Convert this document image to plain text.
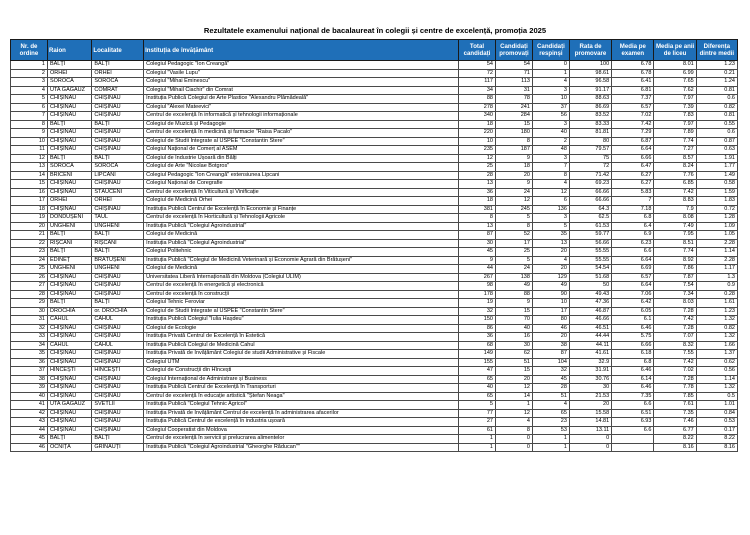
Rezultatele examenului național de bacalaureat în colegii și centre de excelență, promoția 2025
Nr. de ordine	Raion	Localitate	Instituția de învățământ	Total candidați	Candidați promovați	Candidați respinși	Rata de promovare	Media pe examen	Media pe anii de liceu	Diferența dintre medii
1	BĂLȚI	BĂLȚI	Colegiul Pedagogic "Ion Creangă"	54	54	0	100	6.78	8.01	1.23
2	ORHEI	ORHEI	Colegiul "Vasile Lupu"	72	71	1	98.61	6.78	6.99	0.21
3	SOROCA	SOROCA	Colegiul "Mihai Eminescu"	117	113	4	96.58	6.41	7.65	1.24
4	UTA GĂGĂUZ	COMRAT	Colegiul "Mihail Ciachir" din Comrat	34	31	3	91.17	6.81	7.62	0.81
5	CHIȘINĂU	CHIȘINĂU	Instituția Publică Colegiul de Arte Plastice "Alexandru Plămădeală"	88	78	10	88.63	7.37	7.97	0.6
6	CHIȘINĂU	CHIȘINĂU	Colegiul "Alexei Mateevici"	278	241	37	86.69	6.57	7.39	0.82
7	CHIȘINĂU	CHIȘINĂU	Centrul de excelență în informatică și tehnologii informaționale	340	284	56	83.52	7.02	7.83	0.81
8	BĂLȚI	BĂLȚI	Colegiul de Muzică și Pedagogie	18	15	3	83.33	7.42	7.97	0.55
9	CHIȘINĂU	CHIȘINĂU	Centrul de excelență în medicină și farmacie "Raisa Pacalo"	220	180	40	81.81	7.29	7.89	0.6
10	CHIȘINĂU	CHIȘINĂU	Colegiul de Studii Integrate al USPEE "Constantin Stere"	10	8	2	80	6.87	7.74	0.87
11	CHIȘINĂU	CHIȘINĂU	Colegiul Național de Comerț al ASEM	235	187	48	79.57	6.64	7.27	0.63
12	BĂLȚI	BĂLȚI	Colegiul de Industrie Ușoară din Bălți	12	9	3	75	6.66	8.57	1.91
13	SOROCA	SOROCA	Colegiul de Arte "Nicolae Botgros"	25	18	7	72	6.47	8.24	1.77
14	BRICENI	LIPCANI	Colegiul Pedagogic "Ion Creangă" extensiunea Lipcani	28	20	8	71.42	6.27	7.76	1.49
15	CHIȘINĂU	CHIȘINĂU	Colegiul Național de Coregrafie	13	9	4	69.23	6.27	6.85	0.58
16	CHIȘINĂU	STĂUCENI	Centrul de excelență în Viticultură și Vinificație	36	24	12	66.66	5.83	7.42	1.59
17	ORHEI	ORHEI	Colegiul de Medicină Orhei	18	12	6	66.66	7	8.83	1.83
18	CHIȘINĂU	CHIȘINĂU	Instituția Publică Centrul de Excelență în Economie și Finanțe	381	245	136	64.3	7.18	7.9	0.72
19	DONDUȘENI	TAUL	Centrul de excelență în Horticultură și Tehnologii Agricole	8	5	3	62.5	6.8	8.08	1.28
20	UNGHENI	UNGHENI	Instituția Publică "Colegiul Agroindustrial"	13	8	5	61.53	6.4	7.49	1.09
21	BĂLȚI	BĂLȚI	Colegiul de Medicină	87	52	35	59.77	6.9	7.95	1.05
22	RÎȘCANI	RÎȘCANI	Instituția Publică "Colegiul Agroindustrial"	30	17	13	56.66	6.23	8.51	2.28
23	BĂLȚI	BĂLȚI	Colegiul Politehnic	45	25	20	55.55	6.6	7.74	1.14
24	EDINEȚ	BRĂTUȘENI	Instituția Publică "Colegiul de Medicină Veterinară și Economie Agrară din Brătușeni"	9	5	4	55.55	6.64	8.92	2.28
25	UNGHENI	UNGHENI	Colegiul de Medicină	44	24	20	54.54	6.69	7.86	1.17
26	CHIȘINĂU	CHIȘINĂU	Universitatea Liberă Internațională din Moldova (Colegiul ULIM)	267	138	129	51.68	6.57	7.87	1.3
27	CHIȘINĂU	CHIȘINĂU	Centrul de excelență în energetică și electronică	98	49	49	50	6.64	7.54	0.9
28	CHIȘINĂU	CHIȘINĂU	Centrul de excelență în construcții	178	88	90	49.43	7.06	7.34	0.28
29	BĂLȚI	BĂLȚI	Colegiul Tehnic Feroviar	19	9	10	47.36	6.42	8.03	1.61
30	DROCHIA	or. DROCHIA	Colegiul de Studii Integrate al USPEE "Constantin Stere"	32	15	17	46.87	6.05	7.28	1.23
31	CAHUL	CAHUL	Instituția Publică Colegiul "Iulia Hașdeu"	150	70	80	46.66	6.1	7.42	1.32
32	CHIȘINĂU	CHIȘINĂU	Colegiul de Ecologie	86	40	46	46.51	6.46	7.28	0.82
33	CHIȘINĂU	CHIȘINĂU	Instituția Privată Centrul de Excelență în Estetică	36	16	20	44.44	5.75	7.07	1.32
34	CAHUL	CAHUL	Instituția Publică Colegiul de Medicină Cahul	68	30	38	44.11	6.66	8.32	1.66
35	CHIȘINĂU	CHIȘINĂU	Instituția Privată de Învățământ Colegiul de studii Administrative și Fiscale	149	62	87	41.61	6.18	7.55	1.37
36	CHIȘINĂU	CHIȘINĂU	Colegiul UTM	155	51	104	32.9	6.8	7.42	0.62
37	HÎNCEȘTI	HÎNCEȘTI	Colegiul de Construcții din Hîncești	47	15	32	31.91	6.46	7.02	0.56
38	CHIȘINĂU	CHIȘINĂU	Colegiul Internațional de Administrare și Business	65	20	45	30.76	6.14	7.28	1.14
39	CHIȘINĂU	CHIȘINĂU	Instituția Publică Centrul de Excelență în Transporturi	40	12	28	30	6.46	7.78	1.32
40	CHIȘINĂU	CHIȘINĂU	Centrul de excelență în educație artistică "Ștefan Neaga"	65	14	51	21.53	7.35	7.85	0.5
41	UTA GĂGĂUZ	SVETLÎI	Instituția Publică "Colegiul Tehnic Agricol"	5	1	4	20	6.6	7.61	1.01
42	CHIȘINĂU	CHIȘINĂU	Instituția Privată de Învățământ Centrul de excelență în administrarea afacerilor	77	12	65	15.58	6.51	7.35	0.84
43	CHIȘINĂU	CHIȘINĂU	Instituția Publică Centrul de excelență în industria ușoară	27	4	23	14.81	6.93	7.46	0.53
44	CHIȘINĂU	CHIȘINĂU	Colegiul Cooperatist din Moldova	61	8	53	13.11	6.6	6.77	0.17
45	BĂLȚI	BĂLȚI	Centrul de excelență în servicii și prelucrarea alimentelor	1	0	1	0		8.22	8.22
46	OCNIȚA	GRINĂUȚI	Instituția Publică "Colegiul Agroindustrial "Gheorghe Răducan""	1	0	1	0		8.16	8.16
